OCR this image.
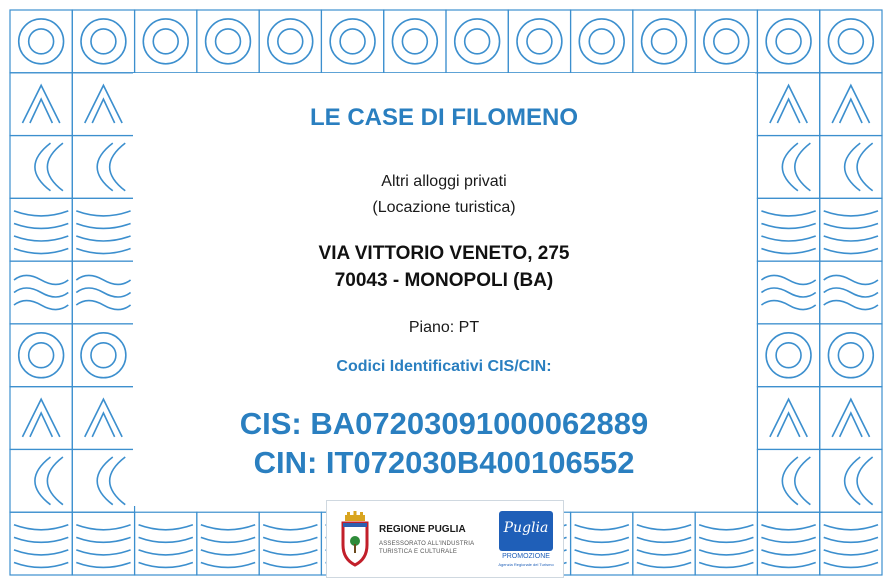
LE CASE DI FILOMENO
Altri alloggi privati
(Locazione turistica)
VIA VITTORIO VENETO, 275
70043 - MONOPOLI (BA)
Piano: PT
Codici Identificativi CIS/CIN:
CIS: BA07203091000062889
CIN: IT072030B400106552
REGIONE PUGLIA
ASSESSORATO ALL'INDUSTRIA
TURISTICA E CULTURALE
Puglia
PROMOZIONE
Agenzia Regionale del Turismo
